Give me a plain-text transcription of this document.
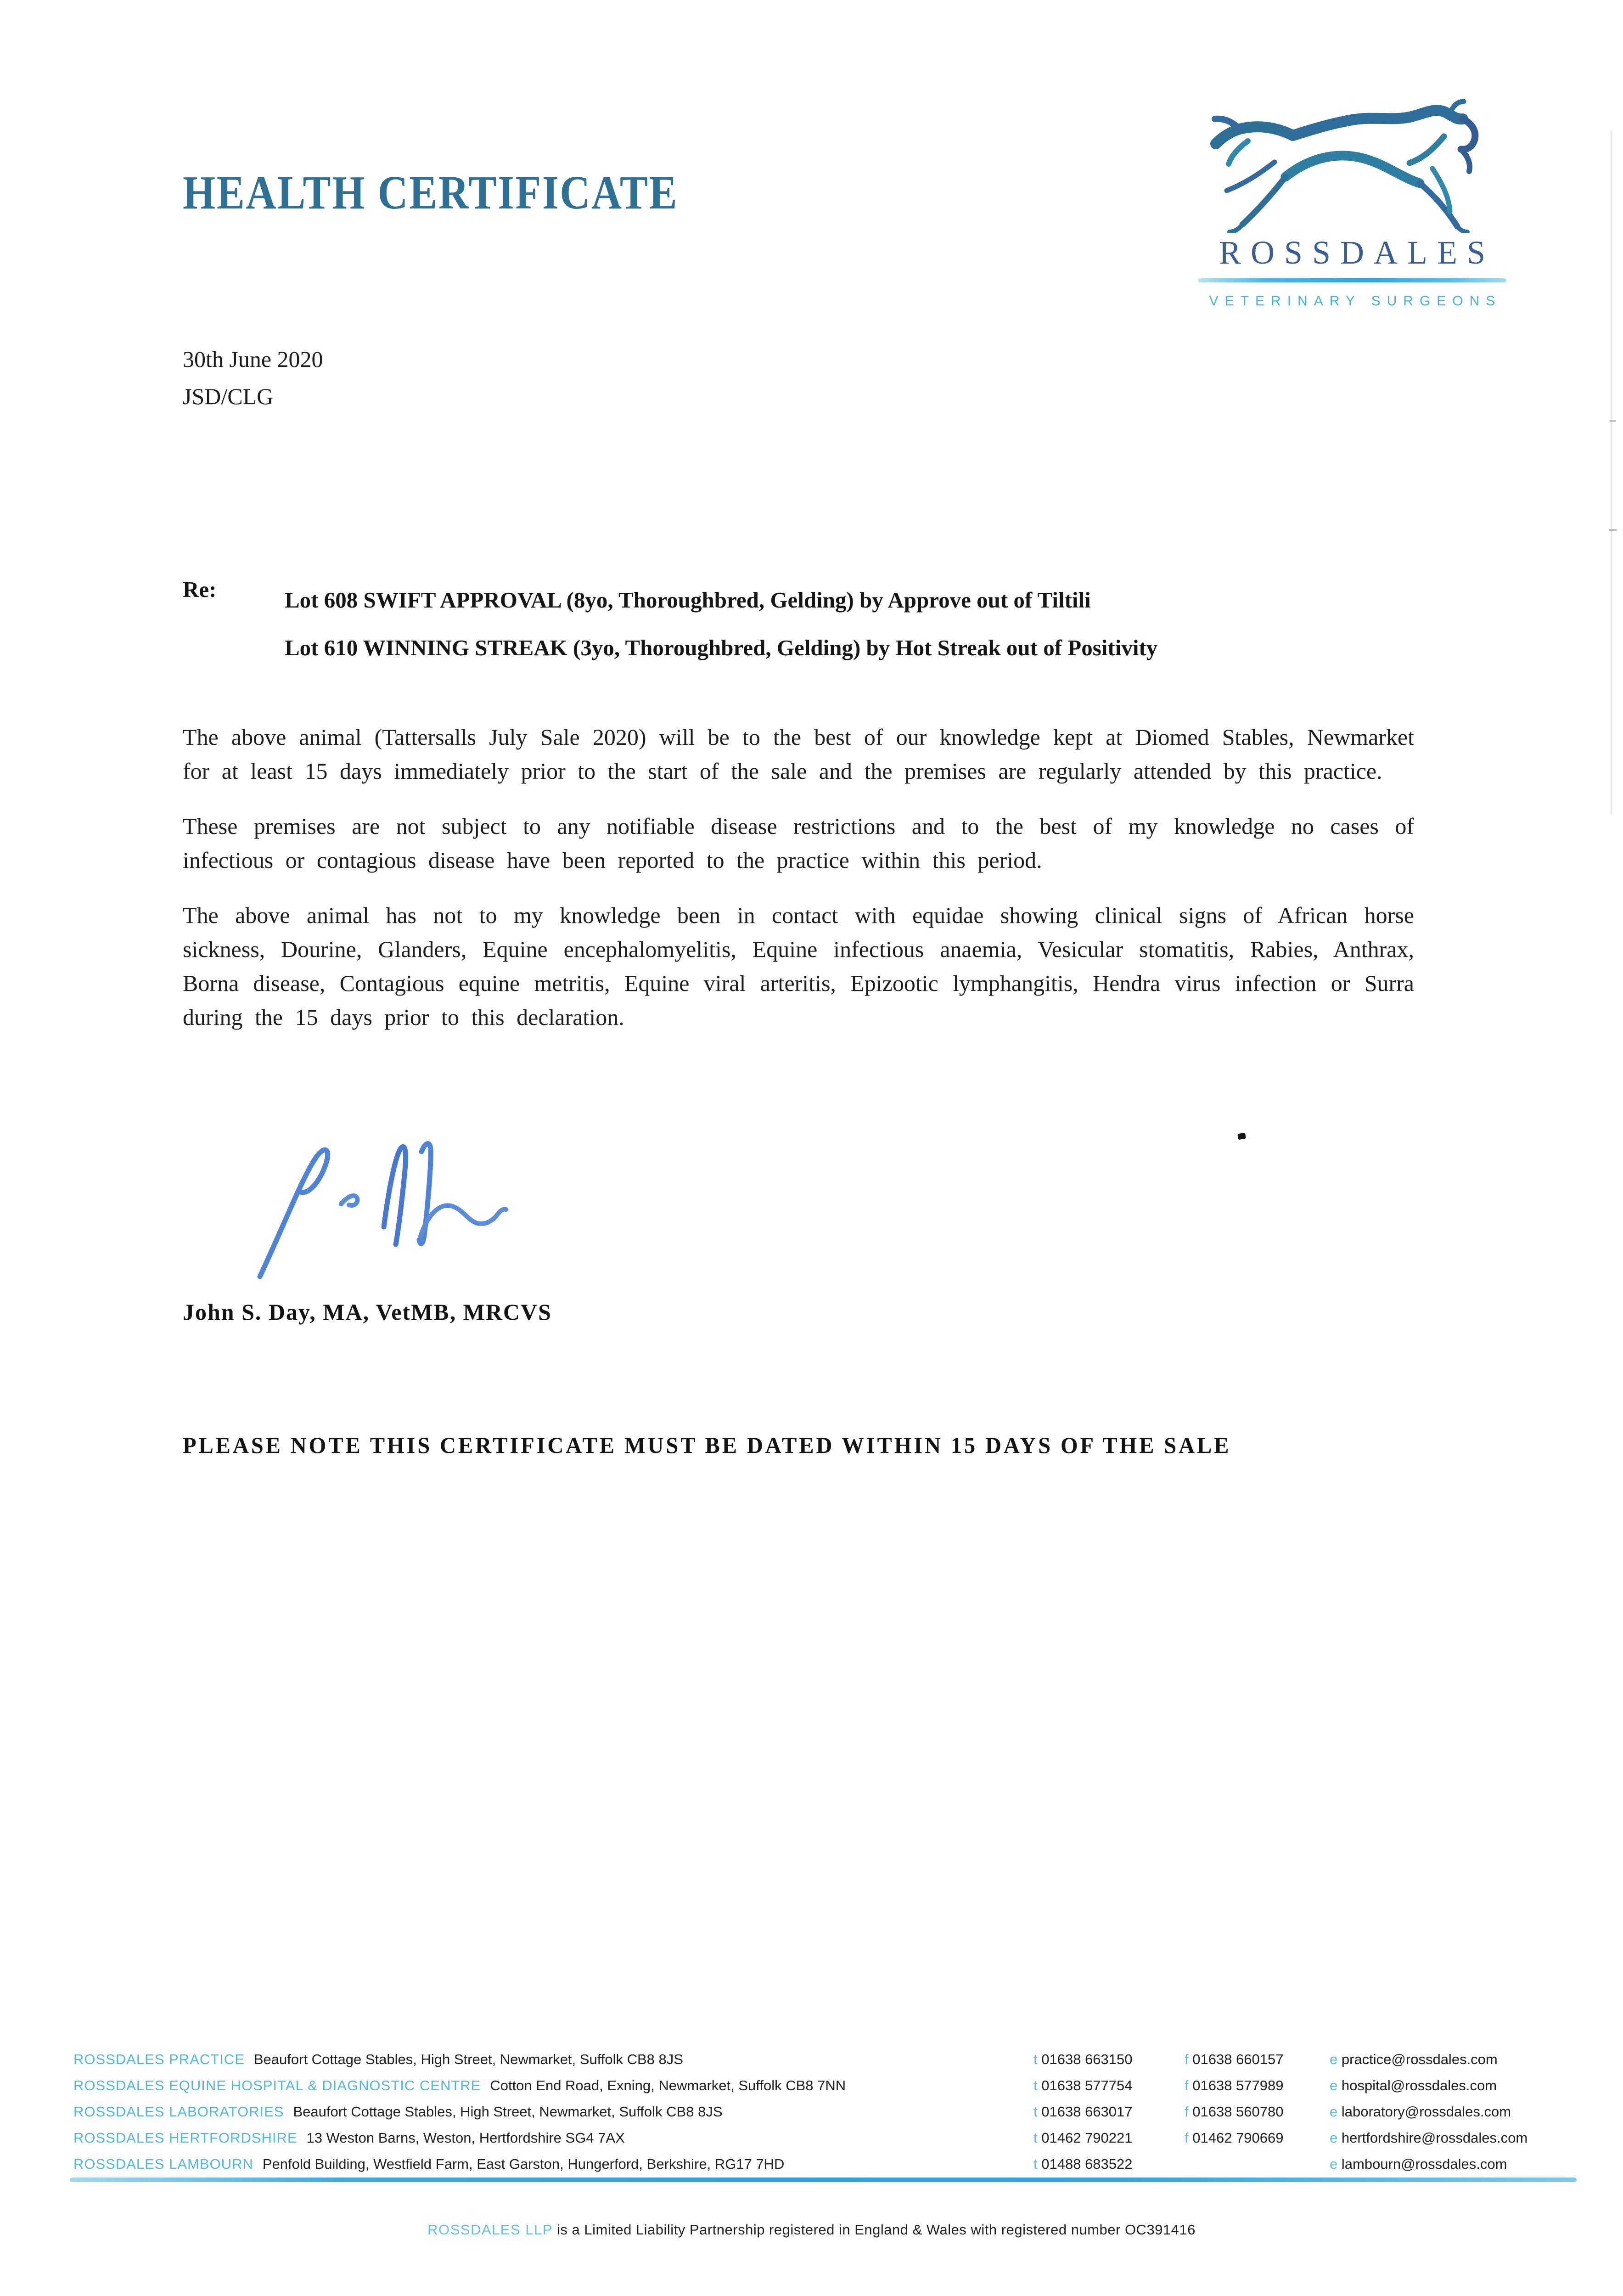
HEALTH CERTIFICATE
ROSSDALES
VETERINARY SURGEONS
30th June 2020
JSD/CLG
Re:	Lot 608 SWIFT APPROVAL (8yo, Thoroughbred, Gelding) by Approve out of Tiltili
Lot 610 WINNING STREAK (3yo, Thoroughbred, Gelding) by Hot Streak out of Positivity

The above animal (Tattersalls July Sale 2020) will be to the best of our knowledge kept at Diomed Stables, Newmarket for at least 15 days immediately prior to the start of the sale and the premises are regularly attended by this practice.

These premises are not subject to any notifiable disease restrictions and to the best of my knowledge no cases of infectious or contagious disease have been reported to the practice within this period.

The above animal has not to my knowledge been in contact with equidae showing clinical signs of African horse sickness, Dourine, Glanders, Equine encephalomyelitis, Equine infectious anaemia, Vesicular stomatitis, Rabies, Anthrax, Borna disease, Contagious equine metritis, Equine viral arteritis, Epizootic lymphangitis, Hendra virus infection or Surra during the 15 days prior to this declaration.

John S. Day, MA, VetMB, MRCVS
PLEASE NOTE THIS CERTIFICATE MUST BE DATED WITHIN 15 DAYS OF THE SALE
ROSSDALES PRACTICE Beaufort Cottage Stables, High Street, Newmarket, Suffolk CB8 8JS	t 01638 663150	f 01638 660157	e practice@rossdales.com
ROSSDALES EQUINE HOSPITAL & DIAGNOSTIC CENTRE Cotton End Road, Exning, Newmarket, Suffolk CB8 7NN	t 01638 577754	f 01638 577989	e hospital@rossdales.com
ROSSDALES LABORATORIES Beaufort Cottage Stables, High Street, Newmarket, Suffolk CB8 8JS	t 01638 663017	f 01638 560780	e laboratory@rossdales.com
ROSSDALES HERTFORDSHIRE 13 Weston Barns, Weston, Hertfordshire SG4 7AX	t 01462 790221	f 01462 790669	e hertfordshire@rossdales.com
ROSSDALES LAMBOURN Penfold Building, Westfield Farm, East Garston, Hungerford, Berkshire, RG17 7HD	t 01488 683522	e lambourn@rossdales.com
ROSSDALES LLP is a Limited Liability Partnership registered in England & Wales with registered number OC391416
